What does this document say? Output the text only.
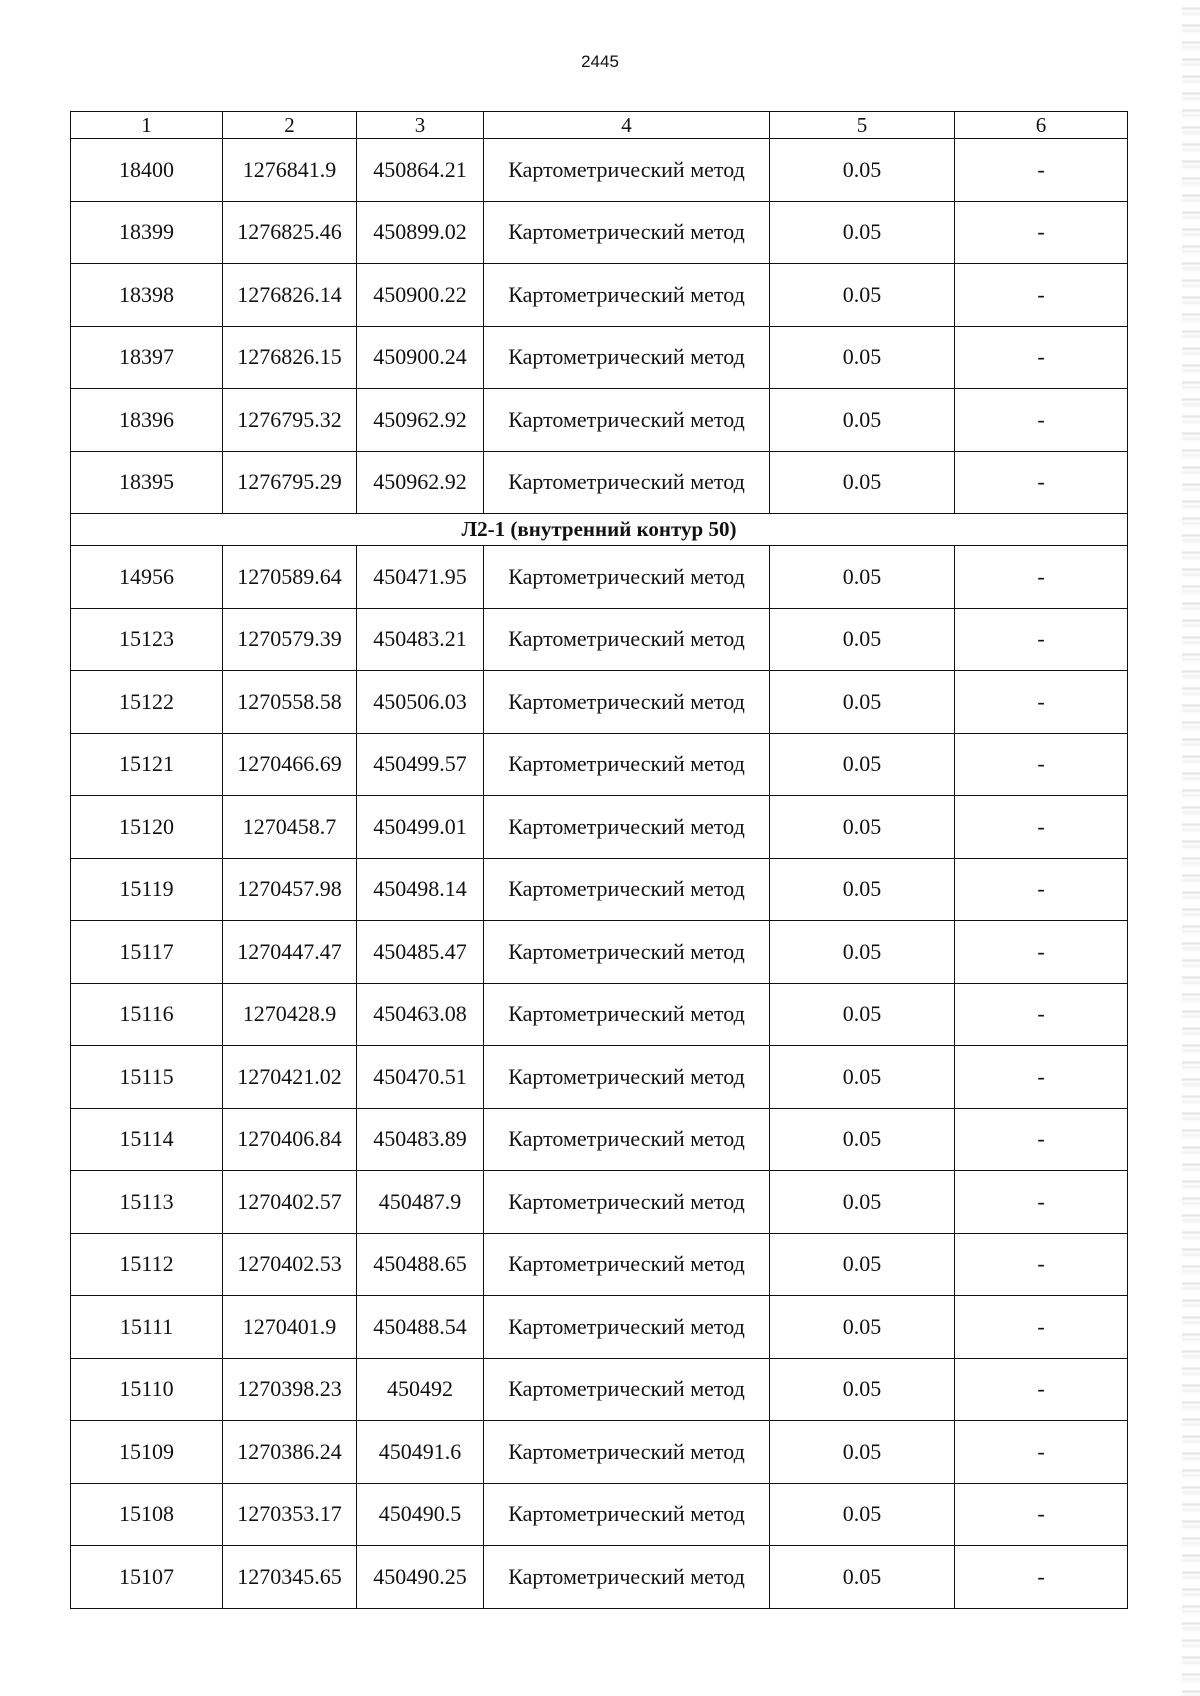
2445
1	2	3	4	5	6
18400	1276841.9	450864.21	Картометрический метод	0.05	-
18399	1276825.46	450899.02	Картометрический метод	0.05	-
18398	1276826.14	450900.22	Картометрический метод	0.05	-
18397	1276826.15	450900.24	Картометрический метод	0.05	-
18396	1276795.32	450962.92	Картометрический метод	0.05	-
18395	1276795.29	450962.92	Картометрический метод	0.05	-
Л2-1 (внутренний контур 50)					
14956	1270589.64	450471.95	Картометрический метод	0.05	-
15123	1270579.39	450483.21	Картометрический метод	0.05	-
15122	1270558.58	450506.03	Картометрический метод	0.05	-
15121	1270466.69	450499.57	Картометрический метод	0.05	-
15120	1270458.7	450499.01	Картометрический метод	0.05	-
15119	1270457.98	450498.14	Картометрический метод	0.05	-
15117	1270447.47	450485.47	Картометрический метод	0.05	-
15116	1270428.9	450463.08	Картометрический метод	0.05	-
15115	1270421.02	450470.51	Картометрический метод	0.05	-
15114	1270406.84	450483.89	Картометрический метод	0.05	-
15113	1270402.57	450487.9	Картометрический метод	0.05	-
15112	1270402.53	450488.65	Картометрический метод	0.05	-
15111	1270401.9	450488.54	Картометрический метод	0.05	-
15110	1270398.23	450492	Картометрический метод	0.05	-
15109	1270386.24	450491.6	Картометрический метод	0.05	-
15108	1270353.17	450490.5	Картометрический метод	0.05	-
15107	1270345.65	450490.25	Картометрический метод	0.05	-
